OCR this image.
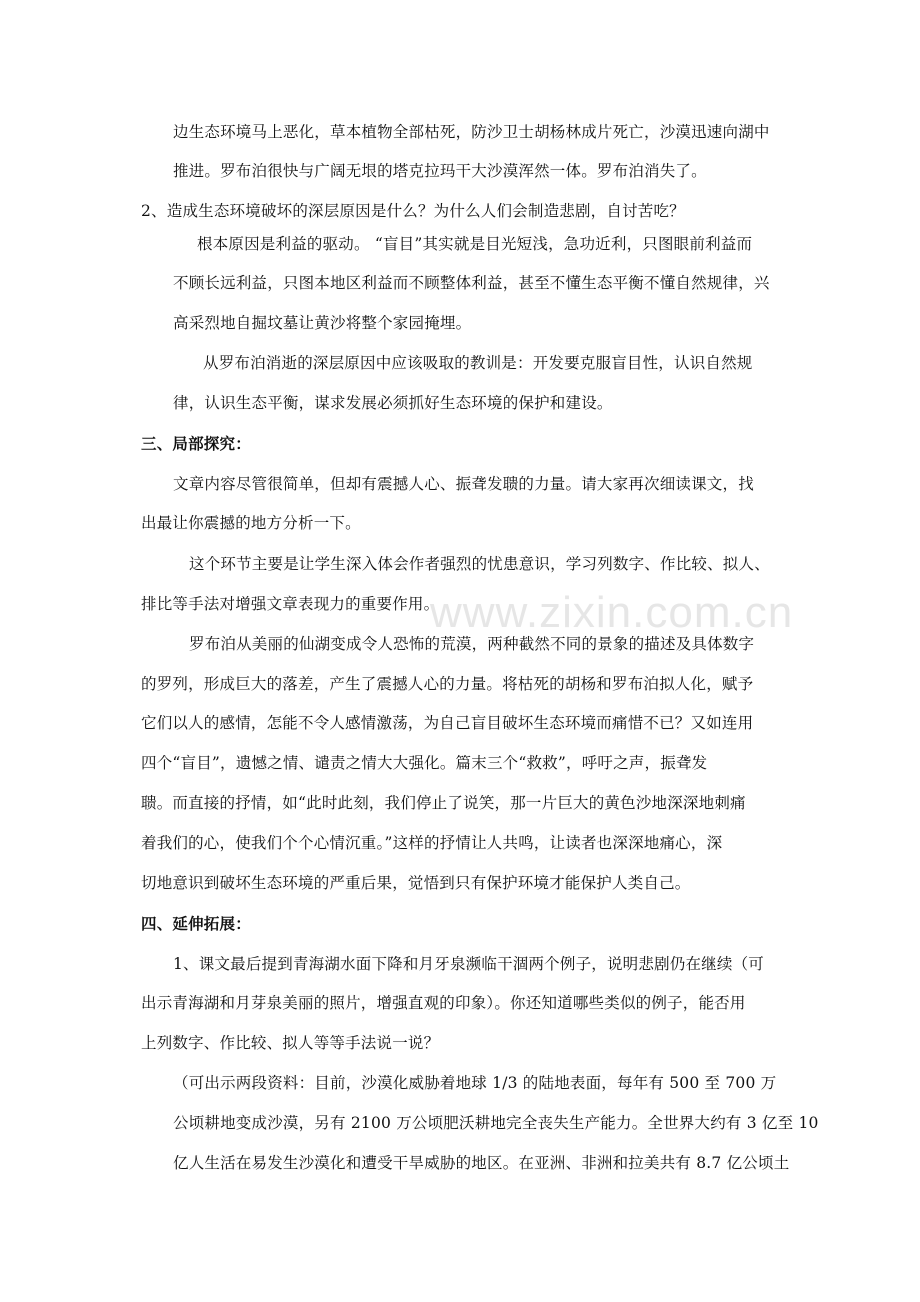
www.zixin.com.cn
边生态环境马上恶化，草本植物全部枯死，防沙卫士胡杨林成片死亡，沙漠迅速向湖中
推进。罗布泊很快与广阔无垠的塔克拉玛干大沙漠浑然一体。罗布泊消失了。
2、造成生态环境破坏的深层原因是什么？为什么人们会制造悲剧，自讨苦吃？
根本原因是利益的驱动。 “盲目”其实就是目光短浅，急功近利，只图眼前利益而
不顾长远利益，只图本地区利益而不顾整体利益，甚至不懂生态平衡不懂自然规律，兴
高采烈地自掘坟墓让黄沙将整个家园掩埋。
从罗布泊消逝的深层原因中应该吸取的教训是：开发要克服盲目性，认识自然规
律，认识生态平衡，谋求发展必须抓好生态环境的保护和建设。
三、局部探究：
文章内容尽管很简单，但却有震撼人心、振聋发聩的力量。请大家再次细读课文，找
出最让你震撼的地方分析一下。
这个环节主要是让学生深入体会作者强烈的忧患意识，学习列数字、作比较、拟人、
排比等手法对增强文章表现力的重要作用。
罗布泊从美丽的仙湖变成令人恐怖的荒漠，两种截然不同的景象的描述及具体数字
的罗列，形成巨大的落差，产生了震撼人心的力量。将枯死的胡杨和罗布泊拟人化，赋予
它们以人的感情，怎能不令人感情激荡，为自己盲目破坏生态环境而痛惜不已？又如连用
四个“盲目”，遗憾之情、谴责之情大大强化。篇末三个“救救”，呼吁之声，振聋发
聩。而直接的抒情，如“此时此刻，我们停止了说笑，那一片巨大的黄色沙地深深地刺痛
着我们的心，使我们个个心情沉重。”这样的抒情让人共鸣，让读者也深深地痛心，深
切地意识到破坏生态环境的严重后果，觉悟到只有保护环境才能保护人类自己。
四、延伸拓展：
1、课文最后提到青海湖水面下降和月牙泉濒临干涸两个例子，说明悲剧仍在继续（可
出示青海湖和月芽泉美丽的照片，增强直观的印象）。你还知道哪些类似的例子，能否用
上列数字、作比较、拟人等等手法说一说？
（可出示两段资料：目前，沙漠化威胁着地球 1/3 的陆地表面，每年有 500 至 700 万
公顷耕地变成沙漠，另有 2100 万公顷肥沃耕地完全丧失生产能力。全世界大约有 3 亿至 10
亿人生活在易发生沙漠化和遭受干旱威胁的地区。在亚洲、非洲和拉美共有 8.7 亿公顷土
